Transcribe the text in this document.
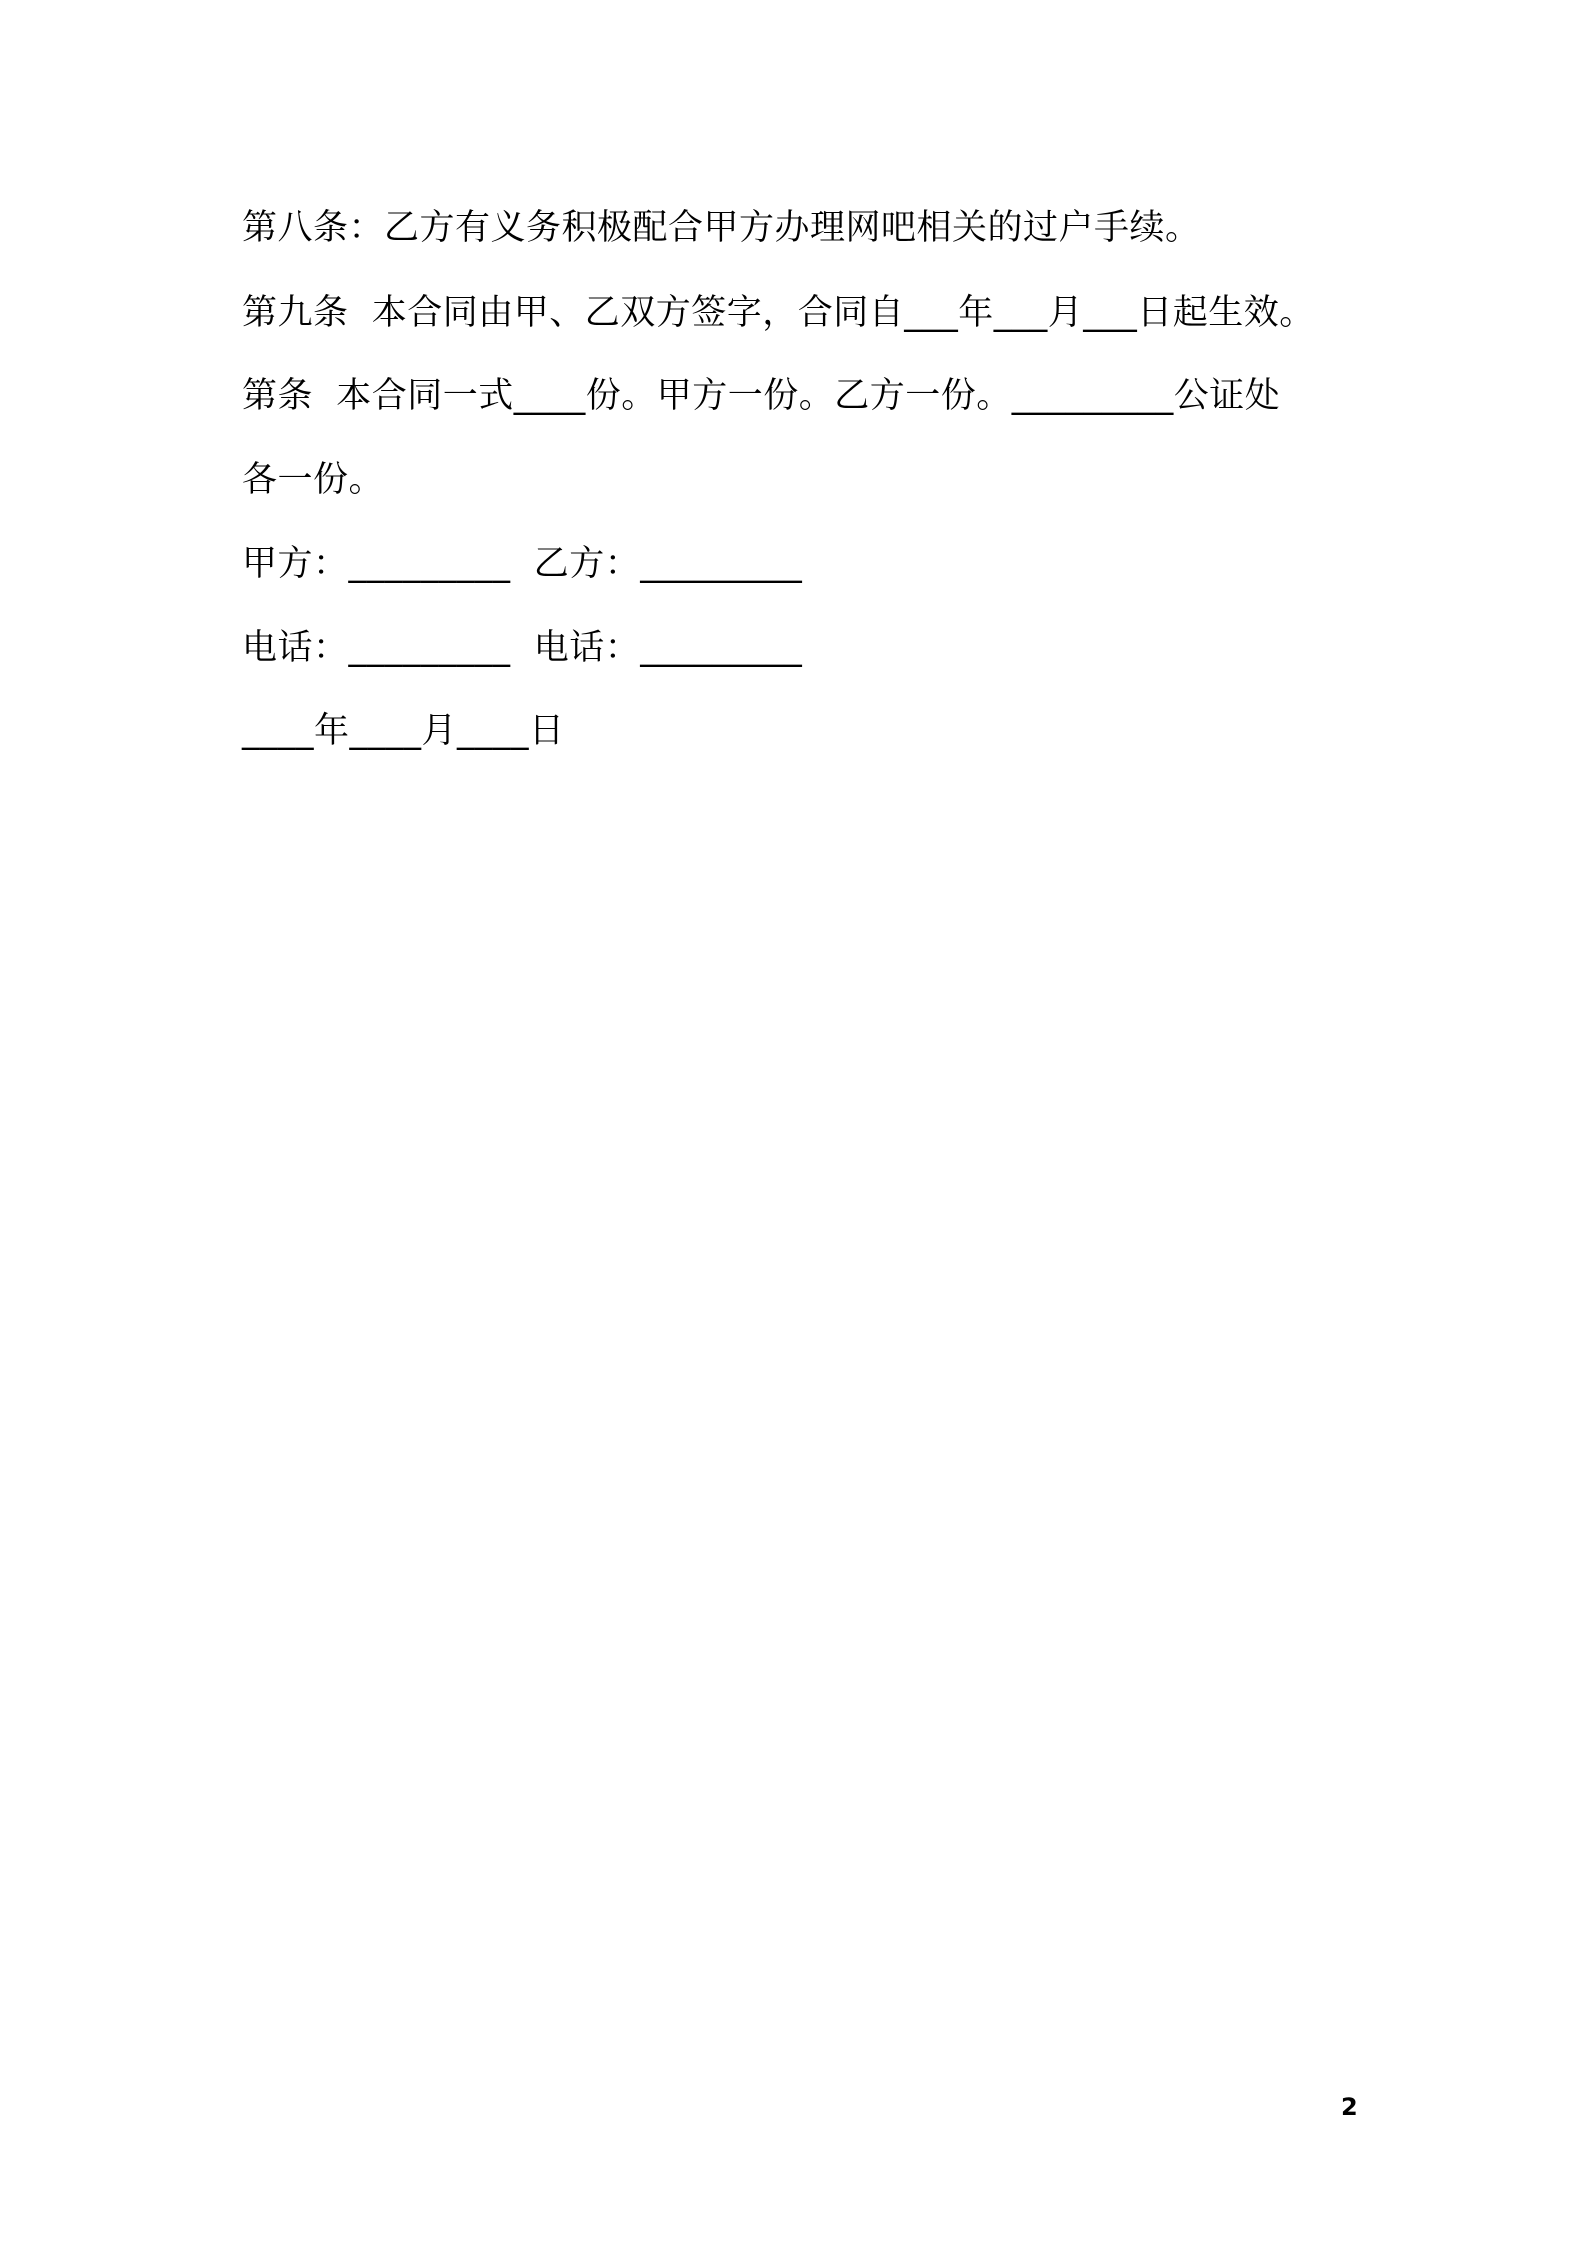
第八条：乙方有义务积极配合甲方办理网吧相关的过户手续。
第九条  本合同由甲、乙双方签字，合同自___年___月___日起生效。
第条  本合同一式____份。甲方一份。乙方一份。_________公证处
各一份。
甲方：_________  乙方：_________
电话：_________  电话：_________
____年____月____日
2
